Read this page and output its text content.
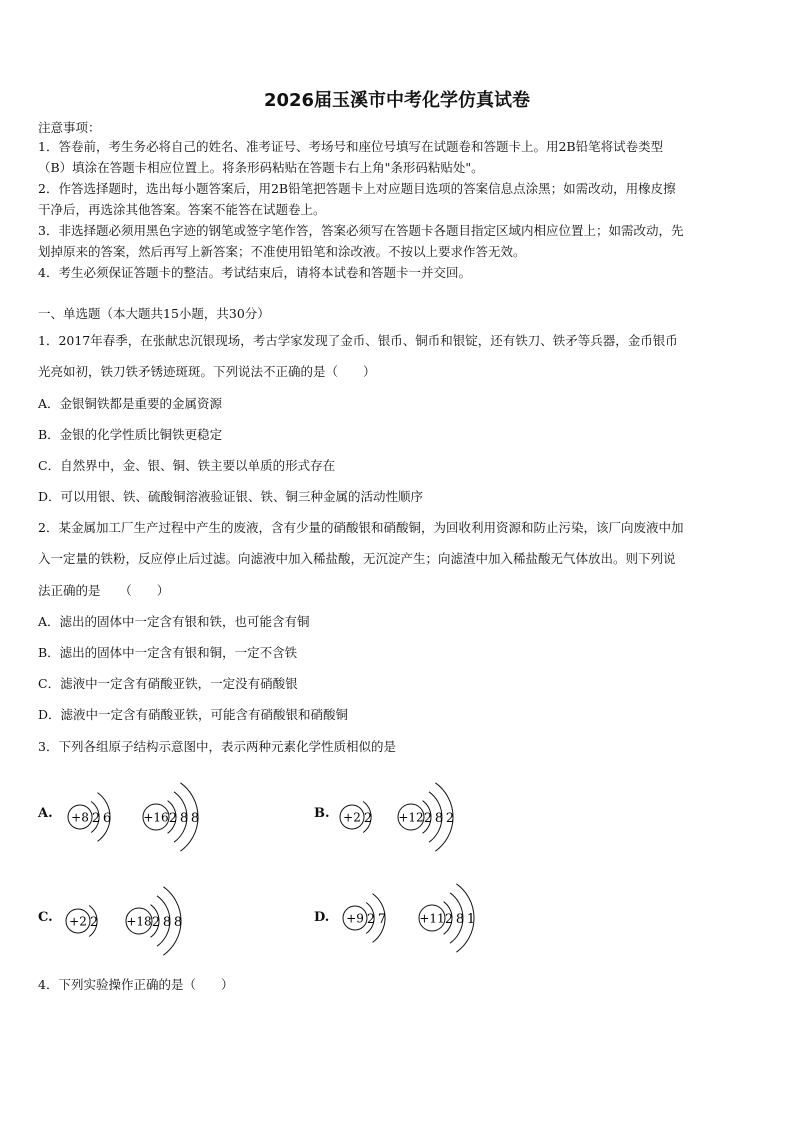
2026届玉溪市中考化学仿真试卷
注意事项：
1．答卷前，考生务必将自己的姓名、准考证号、考场号和座位号填写在试题卷和答题卡上。用2B铅笔将试卷类型
（B）填涂在答题卡相应位置上。将条形码粘贴在答题卡右上角"条形码粘贴处"。
2．作答选择题时，选出每小题答案后，用2B铅笔把答题卡上对应题目选项的答案信息点涂黑；如需改动，用橡皮擦
干净后，再选涂其他答案。答案不能答在试题卷上。
3．非选择题必须用黑色字迹的钢笔或签字笔作答，答案必须写在答题卡各题目指定区域内相应位置上；如需改动，先
划掉原来的答案，然后再写上新答案；不准使用铅笔和涂改液。不按以上要求作答无效。
4．考生必须保证答题卡的整洁。考试结束后，请将本试卷和答题卡一并交回。
一、单选题（本大题共15小题，共30分）
1．2017年春季，在张献忠沉银现场，考古学家发现了金币、银币、铜币和银锭，还有铁刀、铁矛等兵器，金币银币
光亮如初，铁刀铁矛锈迹斑斑。下列说法不正确的是（　　）
A．金银铜铁都是重要的金属资源
B．金银的化学性质比铜铁更稳定
C．自然界中，金、银、铜、铁主要以单质的形式存在
D．可以用银、铁、硫酸铜溶液验证银、铁、铜三种金属的活动性顺序
2．某金属加工厂生产过程中产生的废液，含有少量的硝酸银和硝酸铜，为回收利用资源和防止污染，该厂向废液中加
入一定量的铁粉，反应停止后过滤。向滤液中加入稀盐酸，无沉淀产生；向滤渣中加入稀盐酸无气体放出。则下列说
法正确的是　　（　　）
A．滤出的固体中一定含有银和铁，也可能含有铜
B．滤出的固体中一定含有银和铜，一定不含铁
C．滤液中一定含有硝酸亚铁，一定没有硝酸银
D．滤液中一定含有硝酸亚铁，可能含有硝酸银和硝酸铜
3．下列各组原子结构示意图中，表示两种元素化学性质相似的是
A.	B.
C.	D.
+8 2 6	+16 2 8 8	+2 2 +12 2 8 2
+2 2 +18 2 8 8	+9 2 7	+11 2 8 1
4．下列实验操作正确的是（　　）
